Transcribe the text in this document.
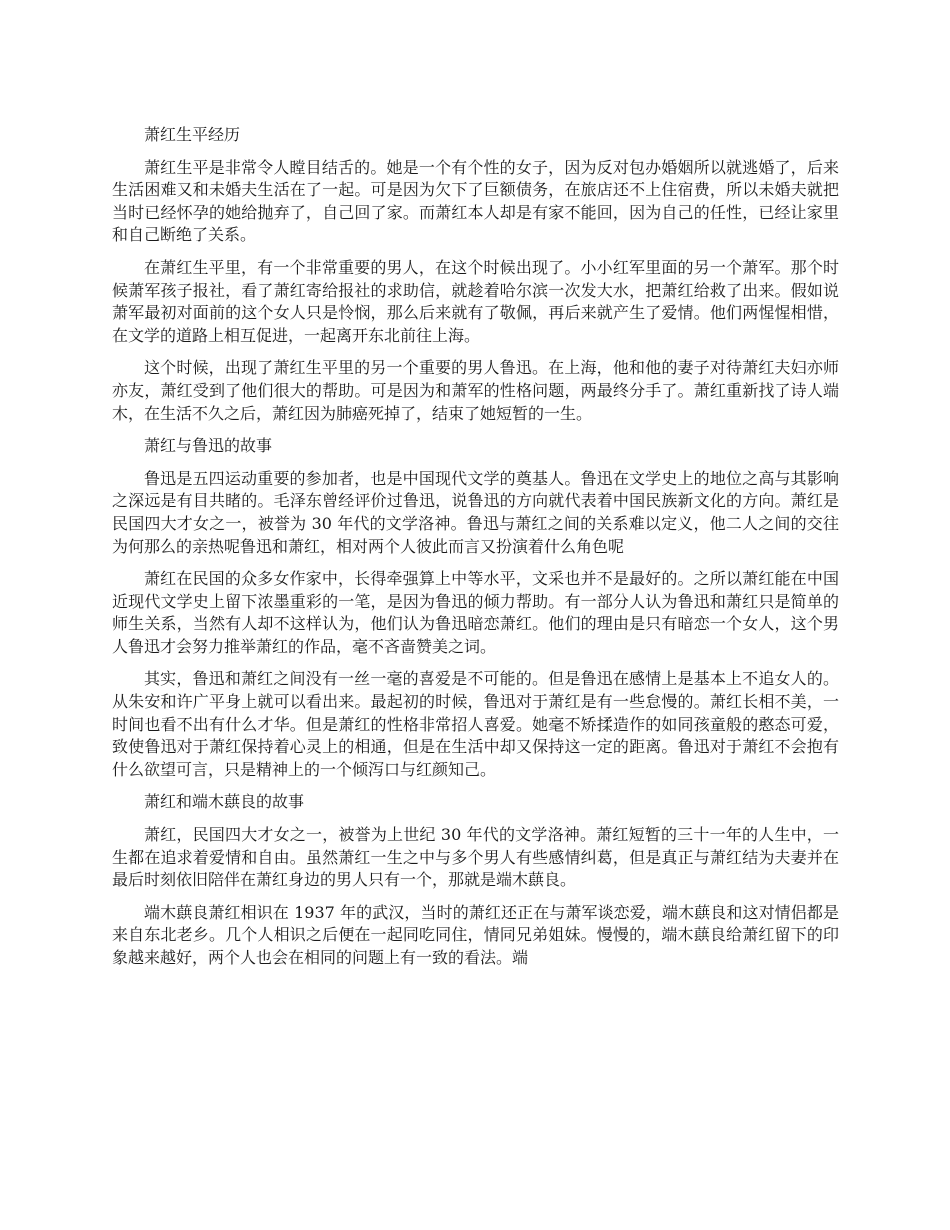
萧红生平经历

萧红生平是非常令人瞠目结舌的。她是一个有个性的女子，因为反对包办婚姻所以就逃婚了，后来生活困难又和未婚夫生活在了一起。可是因为欠下了巨额债务，在旅店还不上住宿费，所以未婚夫就把当时已经怀孕的她给抛弃了，自己回了家。而萧红本人却是有家不能回，因为自己的任性，已经让家里和自己断绝了关系。

在萧红生平里，有一个非常重要的男人，在这个时候出现了。小小红军里面的另一个萧军。那个时候萧军孩子报社，看了萧红寄给报社的求助信，就趁着哈尔滨一次发大水，把萧红给救了出来。假如说萧军最初对面前的这个女人只是怜悯，那么后来就有了敬佩，再后来就产生了爱情。他们两惺惺相惜，在文学的道路上相互促进，一起离开东北前往上海。

这个时候，出现了萧红生平里的另一个重要的男人鲁迅。在上海，他和他的妻子对待萧红夫妇亦师亦友，萧红受到了他们很大的帮助。可是因为和萧军的性格问题，两最终分手了。萧红重新找了诗人端木，在生活不久之后，萧红因为肺癌死掉了，结束了她短暂的一生。

萧红与鲁迅的故事

鲁迅是五四运动重要的参加者，也是中国现代文学的奠基人。鲁迅在文学史上的地位之高与其影响之深远是有目共睹的。毛泽东曾经评价过鲁迅，说鲁迅的方向就代表着中国民族新文化的方向。萧红是民国四大才女之一，被誉为 30 年代的文学洛神。鲁迅与萧红之间的关系难以定义，他二人之间的交往为何那么的亲热呢鲁迅和萧红，相对两个人彼此而言又扮演着什么角色呢

萧红在民国的众多女作家中，长得牵强算上中等水平，文采也并不是最好的。之所以萧红能在中国近现代文学史上留下浓墨重彩的一笔，是因为鲁迅的倾力帮助。有一部分人认为鲁迅和萧红只是简单的师生关系，当然有人却不这样认为，他们认为鲁迅暗恋萧红。他们的理由是只有暗恋一个女人，这个男人鲁迅才会努力推举萧红的作品，毫不吝啬赞美之词。

其实，鲁迅和萧红之间没有一丝一毫的喜爱是不可能的。但是鲁迅在感情上是基本上不追女人的。从朱安和许广平身上就可以看出来。最起初的时候，鲁迅对于萧红是有一些怠慢的。萧红长相不美，一时间也看不出有什么才华。但是萧红的性格非常招人喜爱。她毫不矫揉造作的如同孩童般的憨态可爱，致使鲁迅对于萧红保持着心灵上的相通，但是在生活中却又保持这一定的距离。鲁迅对于萧红不会抱有什么欲望可言，只是精神上的一个倾泻口与红颜知己。

萧红和端木蕻良的故事

萧红，民国四大才女之一，被誉为上世纪 30 年代的文学洛神。萧红短暂的三十一年的人生中，一生都在追求着爱情和自由。虽然萧红一生之中与多个男人有些感情纠葛，但是真正与萧红结为夫妻并在最后时刻依旧陪伴在萧红身边的男人只有一个，那就是端木蕻良。

端木蕻良萧红相识在 1937 年的武汉，当时的萧红还正在与萧军谈恋爱，端木蕻良和这对情侣都是来自东北老乡。几个人相识之后便在一起同吃同住，情同兄弟姐妹。慢慢的，端木蕻良给萧红留下的印象越来越好，两个人也会在相同的问题上有一致的看法。端
